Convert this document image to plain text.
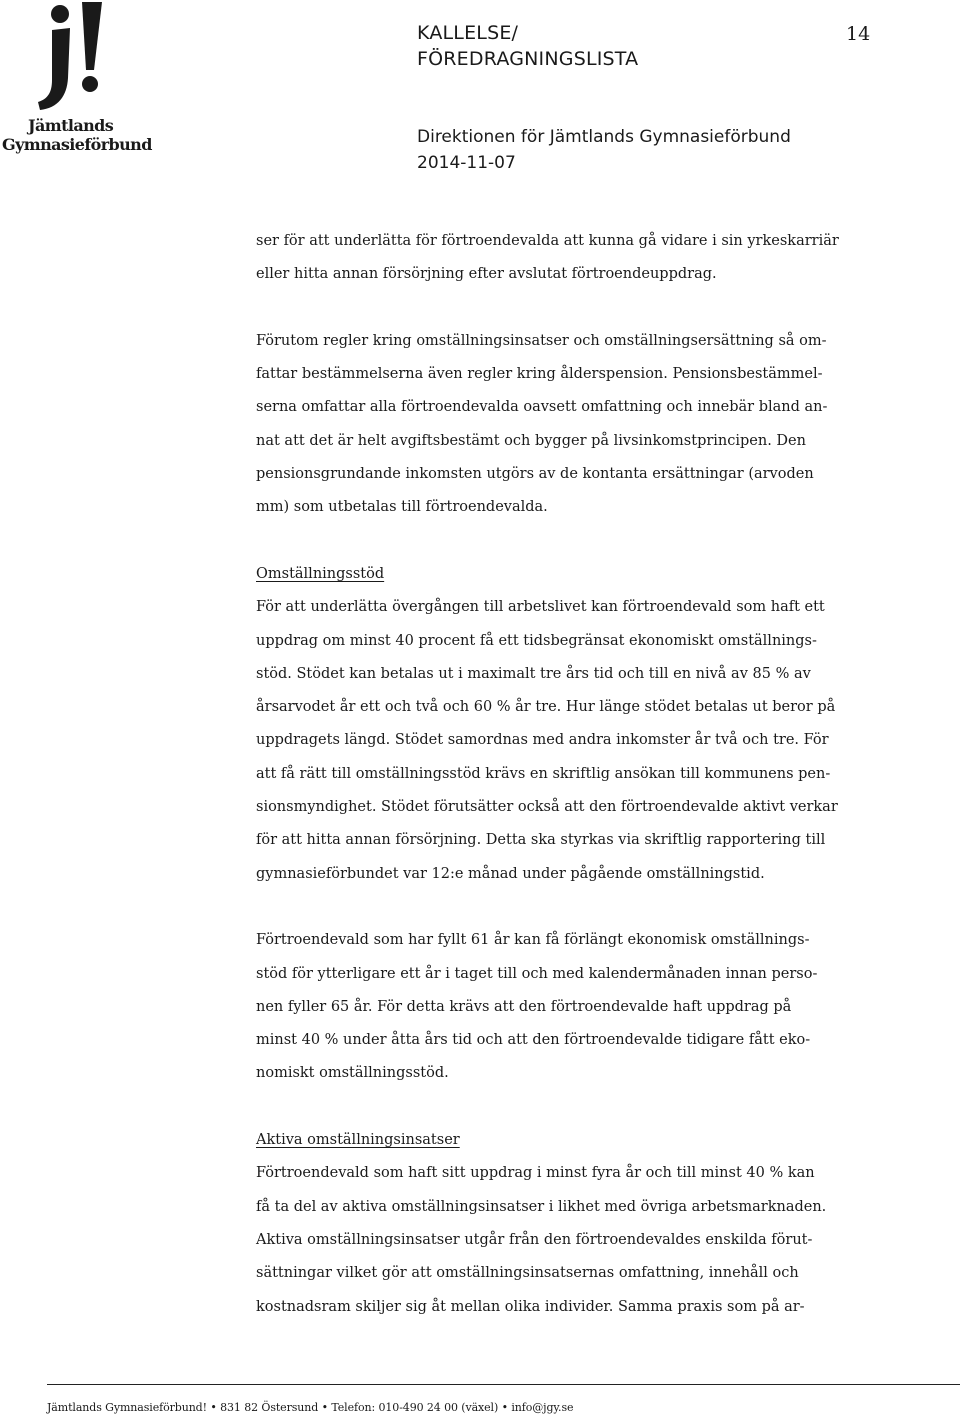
Jämtlands
Gymnasieförbund
KALLELSE/
FÖREDRAGNINGSLISTA
14
Direktionen för Jämtlands Gymnasieförbund
2014-11-07

ser för att underlätta för förtroendevalda att kunna gå vidare i sin yrkeskarriär
eller hitta annan försörjning efter avslutat förtroendeuppdrag.

Förutom regler kring omställningsinsatser och omställningsersättning så om-
fattar bestämmelserna även regler kring ålderspension. Pensionsbestämmel-
serna omfattar alla förtroendevalda oavsett omfattning och innebär bland an-
nat att det är helt avgiftsbestämt och bygger på livsinkomstprincipen. Den
pensionsgrundande inkomsten utgörs av de kontanta ersättningar (arvoden
mm) som utbetalas till förtroendevalda.

Omställningsstöd

För att underlätta övergången till arbetslivet kan förtroendevald som haft ett
uppdrag om minst 40 procent få ett tidsbegränsat ekonomiskt omställnings-
stöd. Stödet kan betalas ut i maximalt tre års tid och till en nivå av 85 % av
årsarvodet år ett och två och 60 % år tre. Hur länge stödet betalas ut beror på
uppdragets längd. Stödet samordnas med andra inkomster år två och tre. För
att få rätt till omställningsstöd krävs en skriftlig ansökan till kommunens pen-
sionsmyndighet. Stödet förutsätter också att den förtroendevalde aktivt verkar
för att hitta annan försörjning. Detta ska styrkas via skriftlig rapportering till
gymnasieförbundet var 12:e månad under pågående omställningstid.

Förtroendevald som har fyllt 61 år kan få förlängt ekonomisk omställnings-
stöd för ytterligare ett år i taget till och med kalendermånaden innan perso-
nen fyller 65 år. För detta krävs att den förtroendevalde haft uppdrag på
minst 40 % under åtta års tid och att den förtroendevalde tidigare fått eko-
nomiskt omställningsstöd.

Aktiva omställningsinsatser

Förtroendevald som haft sitt uppdrag i minst fyra år och till minst 40 % kan
få ta del av aktiva omställningsinsatser i likhet med övriga arbetsmarknaden.
Aktiva omställningsinsatser utgår från den förtroendevaldes enskilda förut-
sättningar vilket gör att omställningsinsatsernas omfattning, innehåll och
kostnadsram skiljer sig åt mellan olika individer. Samma praxis som på ar-

Jämtlands Gymnasieförbund! • 831 82 Östersund • Telefon: 010-490 24 00 (växel) • info@jgy.se
